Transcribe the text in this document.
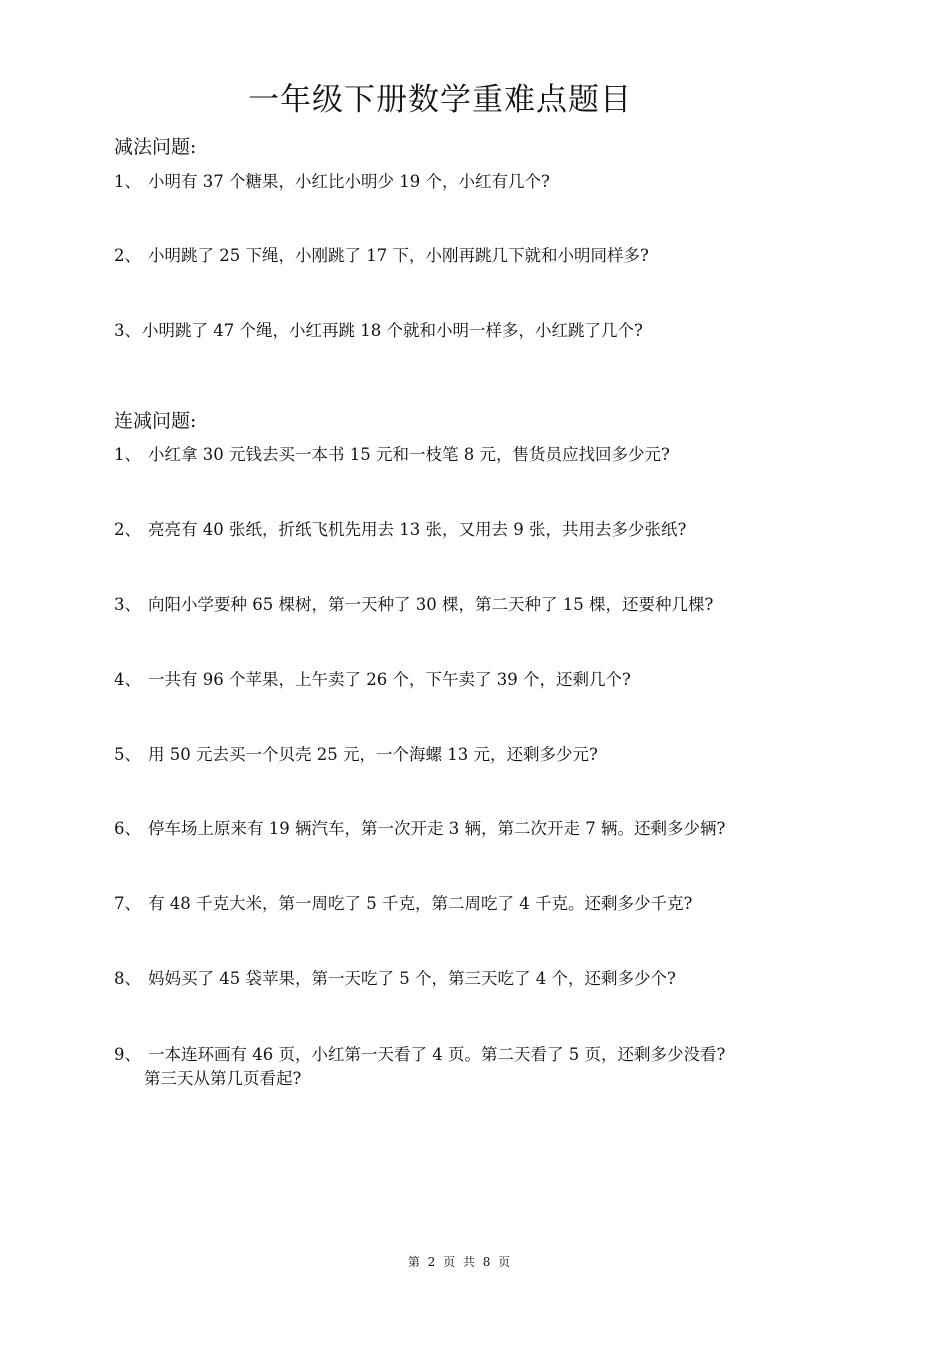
一年级下册数学重难点题目
减法问题:
1、 小明有 37 个糖果，小红比小明少 19 个，小红有几个?
2、 小明跳了 25 下绳，小刚跳了 17 下，小刚再跳几下就和小明同样多?
3、小明跳了 47 个绳，小红再跳 18 个就和小明一样多，小红跳了几个?
连减问题:
1、 小红拿 30 元钱去买一本书 15 元和一枝笔 8 元，售货员应找回多少元?
2、 亮亮有 40 张纸，折纸飞机先用去 13 张，又用去 9 张，共用去多少张纸?
3、 向阳小学要种 65 棵树，第一天种了 30 棵，第二天种了 15 棵，还要种几棵?
4、 一共有 96 个苹果，上午卖了 26 个，下午卖了 39 个，还剩几个?
5、 用 50 元去买一个贝壳 25 元，一个海螺 13 元，还剩多少元?
6、 停车场上原来有 19 辆汽车，第一次开走 3 辆，第二次开走 7 辆。还剩多少辆?
7、 有 48 千克大米，第一周吃了 5 千克，第二周吃了 4 千克。还剩多少千克?
8、 妈妈买了 45 袋苹果，第一天吃了 5 个，第三天吃了 4 个，还剩多少个?
9、 一本连环画有 46 页，小红第一天看了 4 页。第二天看了 5 页，还剩多少没看?
第三天从第几页看起?
第 2 页 共 8 页
